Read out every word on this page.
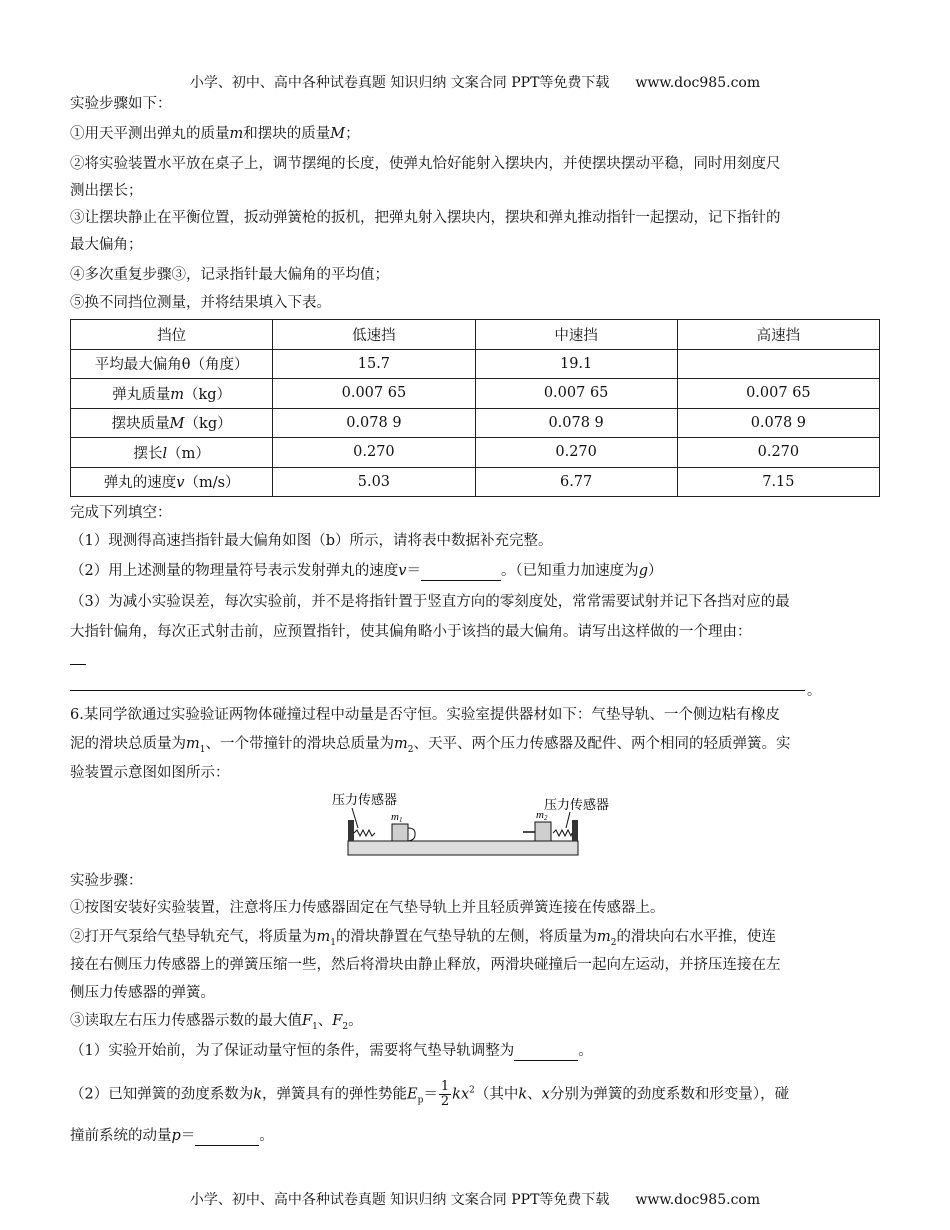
小学、初中、高中各种试卷真题 知识归纳 文案合同 PPT等免费下载 www.doc985.com
实验步骤如下：
①用天平测出弹丸的质量m和摆块的质量M；
②将实验装置水平放在桌子上，调节摆绳的长度，使弹丸恰好能射入摆块内，并使摆块摆动平稳，同时用刻度尺
测出摆长；
③让摆块静止在平衡位置，扳动弹簧枪的扳机，把弹丸射入摆块内，摆块和弹丸推动指针一起摆动，记下指针的
最大偏角；
④多次重复步骤③，记录指针最大偏角的平均值；
⑤换不同挡位测量，并将结果填入下表。
挡位	低速挡	中速挡	高速挡
平均最大偏角θ（角度）	15.7	19.1	
弹丸质量m（kg）	0.007 65	0.007 65	0.007 65
摆块质量M（kg）	0.078 9	0.078 9	0.078 9
摆长l（m）	0.270	0.270	0.270
弹丸的速度v（m/s）	5.03	6.77	7.15
完成下列填空：
（1）现测得高速挡指针最大偏角如图（b）所示，请将表中数据补充完整。
（2）用上述测量的物理量符号表示发射弹丸的速度v＝	。（已知重力加速度为g）
（3）为减小实验误差，每次实验前，并不是将指针置于竖直方向的零刻度处，常常需要试射并记下各挡对应的最
大指针偏角，每次正式射击前，应预置指针，使其偏角略小于该挡的最大偏角。请写出这样做的一个理由：
。
6.某同学欲通过实验验证两物体碰撞过程中动量是否守恒。实验室提供器材如下：气垫导轨、一个侧边粘有橡皮
泥的滑块总质量为$m_1$、一个带撞针的滑块总质量为$m_2$、天平、两个压力传感器及配件、两个相同的轻质弹簧。实
验装置示意图如图所示：
压力传感器	压力传感器
m1	m2
实验步骤：
①按图安装好实验装置，注意将压力传感器固定在气垫导轨上并且轻质弹簧连接在传感器上。
②打开气泵给气垫导轨充气，将质量为$m_1$的滑块静置在气垫导轨的左侧，将质量为$m_2$的滑块向右水平推，使连
接在右侧压力传感器上的弹簧压缩一些，然后将滑块由静止释放，两滑块碰撞后一起向左运动，并挤压连接在左
侧压力传感器的弹簧。
③读取左右压力传感器示数的最大值$F_1$、$F_2$。
（1）实验开始前，为了保证动量守恒的条件，需要将气垫导轨调整为	。
（2）已知弹簧的劲度系数为k，弹簧具有的弹性势能$E_p= \frac{1}{2} kx^2$（其中k、x分别为弹簧的劲度系数和形变量），碰
撞前系统的动量p＝	。
小学、初中、高中各种试卷真题 知识归纳 文案合同 PPT等免费下载 www.doc985.com
